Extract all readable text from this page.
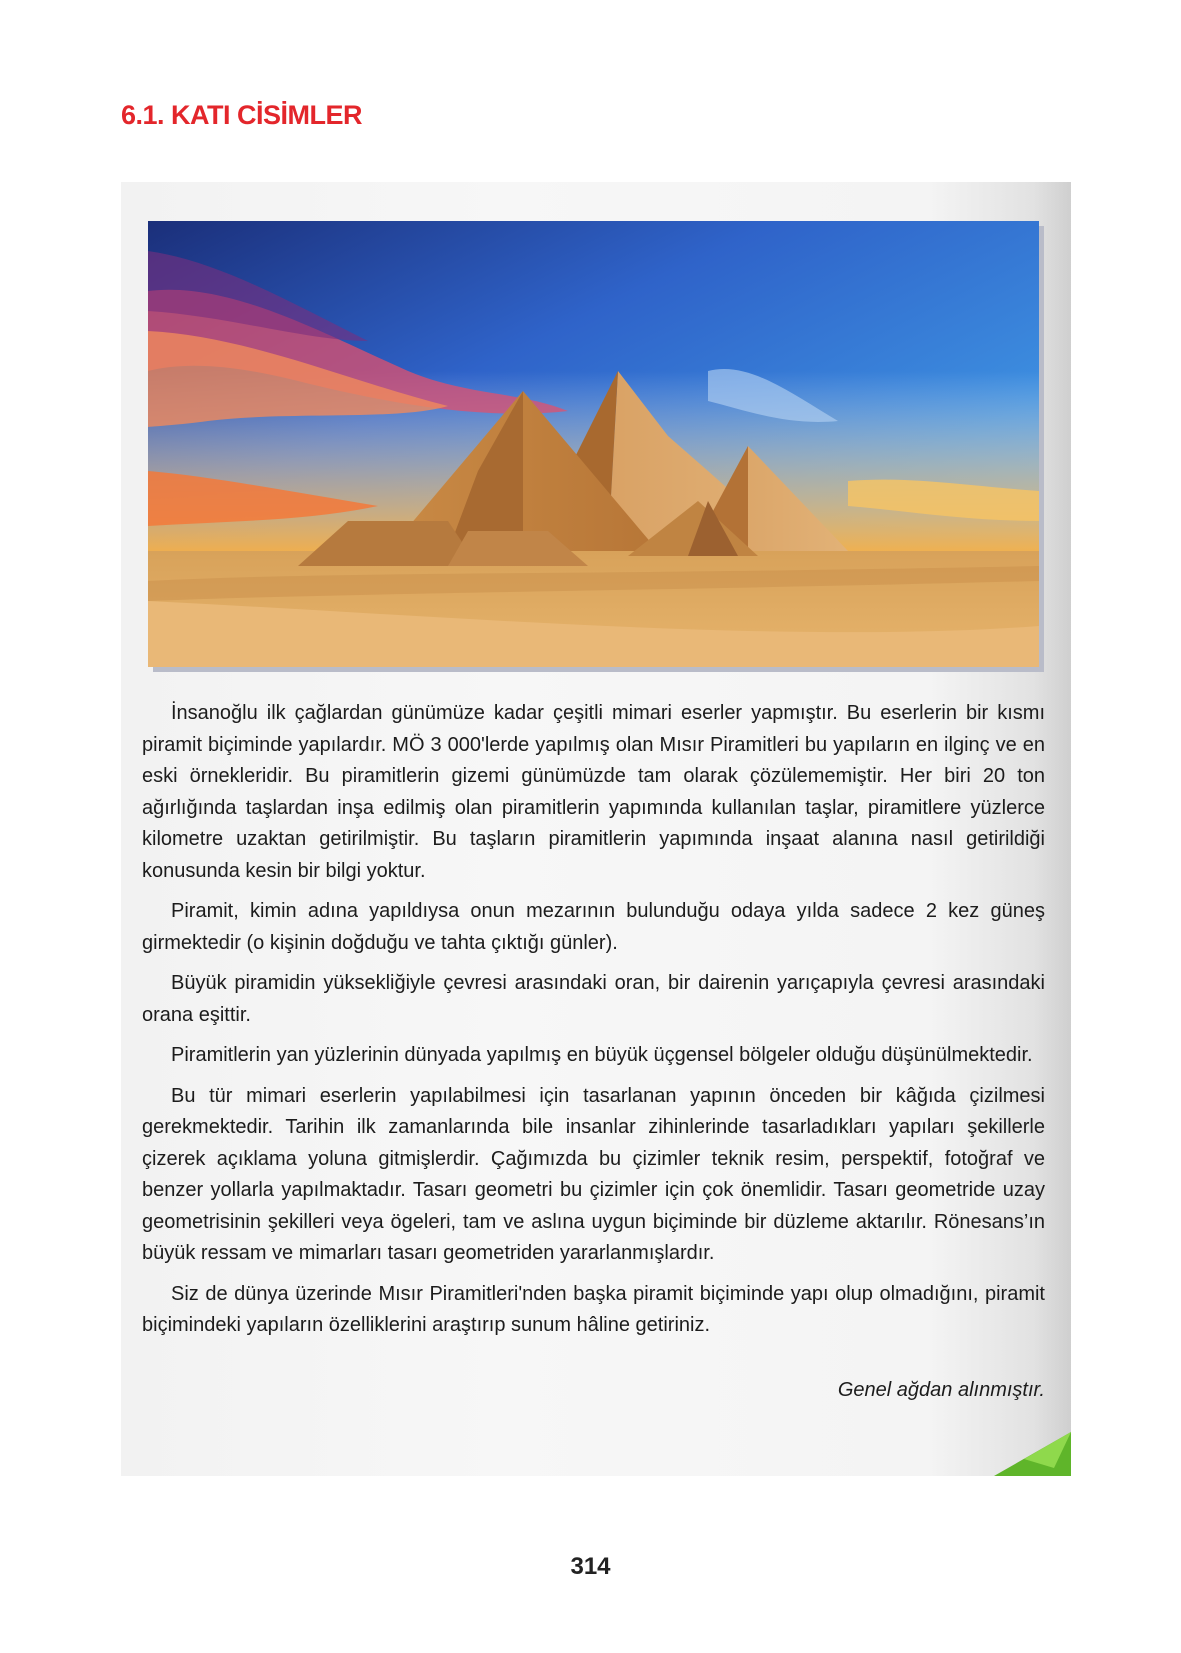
6.1. KATI CİSİMLER

İnsanoğlu ilk çağlardan günümüze kadar çeşitli mimari eserler yapmıştır. Bu eserlerin bir kısmı piramit biçiminde yapılardır. MÖ 3 000'lerde yapılmış olan Mısır Piramitleri bu yapıların en ilginç ve en eski örnekleridir. Bu piramitlerin gizemi günümüzde tam olarak çözülememiştir. Her biri 20 ton ağırlığında taşlardan inşa edilmiş olan piramitlerin yapımında kullanılan taşlar, piramitlere yüzlerce kilometre uzaktan getirilmiştir. Bu taşların piramitlerin yapımında inşaat alanına nasıl getirildiği konusunda kesin bir bilgi yoktur.

Piramit, kimin adına yapıldıysa onun mezarının bulunduğu odaya yılda sadece 2 kez güneş girmektedir (o kişinin doğduğu ve tahta çıktığı günler).

Büyük piramidin yüksekliğiyle çevresi arasındaki oran, bir dairenin yarıçapıyla çevresi arasındaki orana eşittir.

Piramitlerin yan yüzlerinin dünyada yapılmış en büyük üçgensel bölgeler olduğu düşünülmektedir.

Bu tür mimari eserlerin yapılabilmesi için tasarlanan yapının önceden bir kâğıda çizilmesi gerekmektedir. Tarihin ilk zamanlarında bile insanlar zihinlerinde tasarladıkları yapıları şekillerle çizerek açıklama yoluna gitmişlerdir. Çağımızda bu çizimler teknik resim, perspektif, fotoğraf ve benzer yollarla yapılmaktadır. Tasarı geometri bu çizimler için çok önemlidir. Tasarı geometride uzay geometrisinin şekilleri veya ögeleri, tam ve aslına uygun biçiminde bir düzleme aktarılır. Rönesans’ın büyük ressam ve mimarları tasarı geometriden yararlanmışlardır.

Siz de dünya üzerinde Mısır Piramitleri'nden başka piramit biçiminde yapı olup olmadığını, piramit biçimindeki yapıların özelliklerini araştırıp sunum hâline getiriniz.

Genel ağdan alınmıştır.
314
